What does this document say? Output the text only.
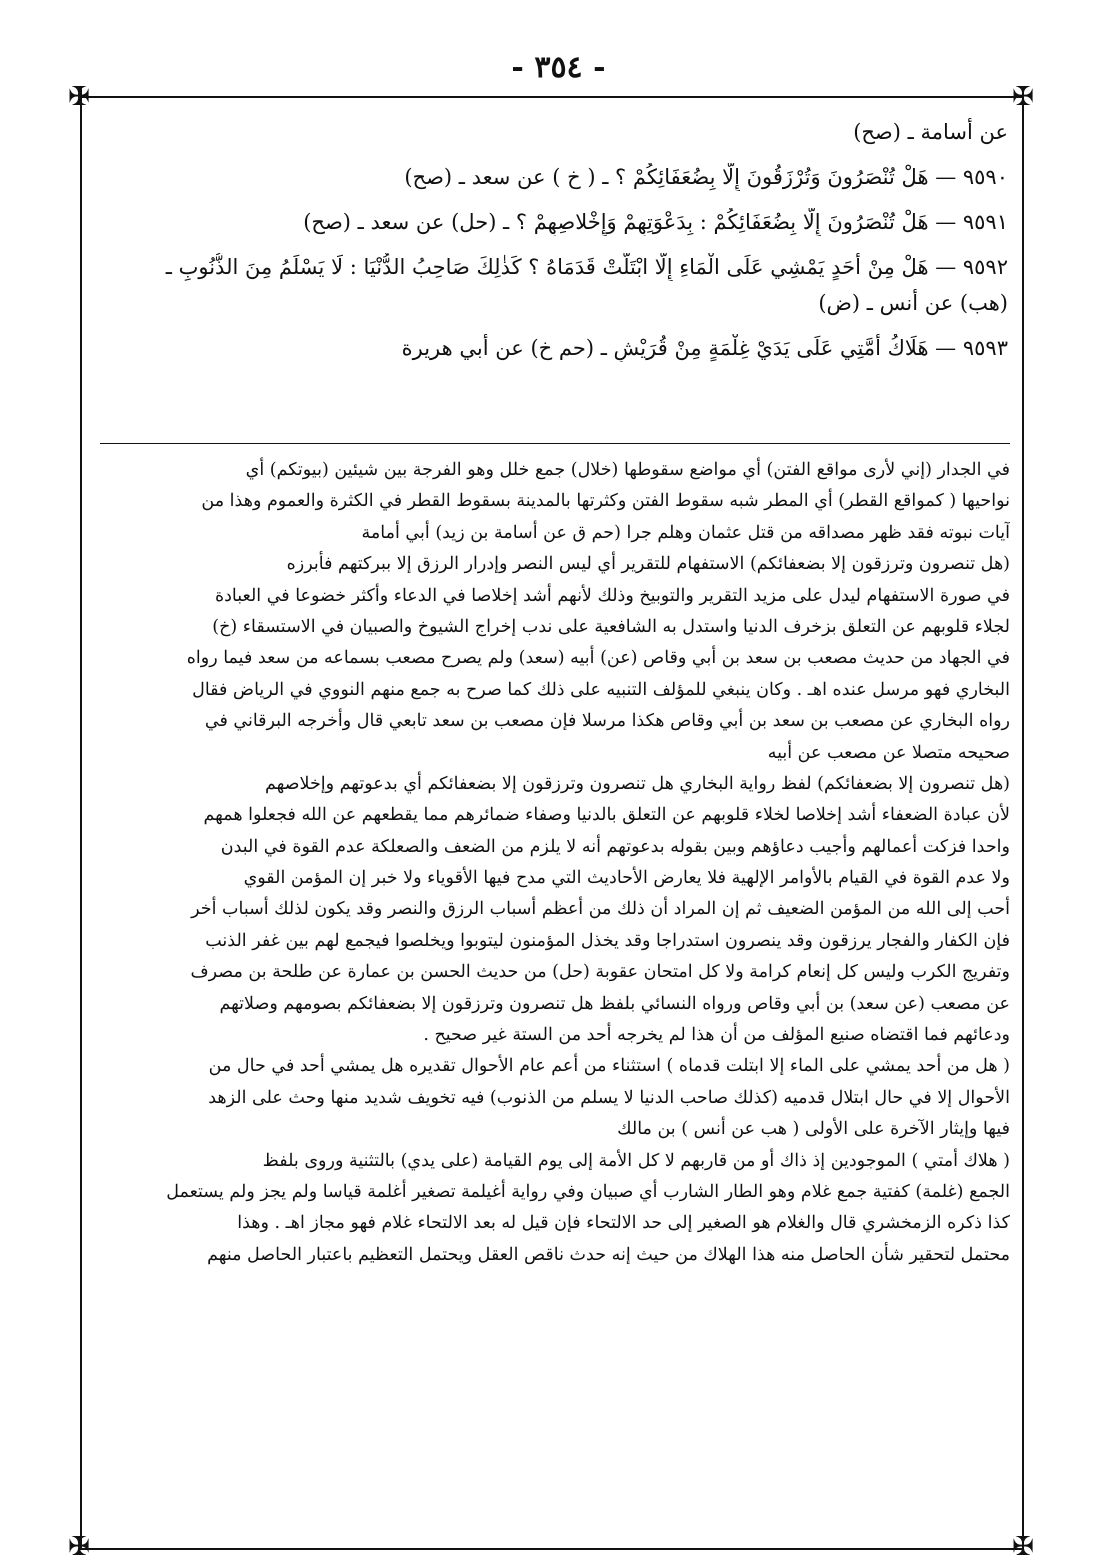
- ٣٥٤ -
✠	✠
✠	✠

عن أسامة ـ (صح)

٩٥٩٠ — هَلْ تُنْصَرُونَ وَتُرْزَقُونَ إِلَّا بِضُعَفَائِكُمْ ؟ ـ ( خ ) عن سعد ـ (صح)

٩٥٩١ — هَلْ تُنْصَرُونَ إِلَّا بِضُعَفَائِكُمْ : بِدَعْوَتِهِمْ وَإِخْلاصِهِمْ ؟ ـ (حل) عن سعد ـ (صح)

٩٥٩٢ — هَلْ مِنْ أَحَدٍ يَمْشِي عَلَى الْمَاءِ إِلَّا ابْتَلَّتْ قَدَمَاهُ ؟ كَذٰلِكَ صَاحِبُ الدُّنْيَا : لَا يَسْلَمُ مِنَ الذُّنُوبِ ـ

(هب) عن أنس ـ (ض)

٩٥٩٣ — هَلَاكُ أُمَّتِي عَلَى يَدَيْ غِلْمَةٍ مِنْ قُرَيْشٍ ـ (حم خ) عن أبي هريرة

في الجدار (إني لأرى مواقع الفتن) أي مواضع سقوطها (خلال) جمع خلل وهو الفرجة بين شيئين (بيوتكم) أي

نواحيها ( كمواقع القطر) أي المطر شبه سقوط الفتن وكثرتها بالمدينة بسقوط القطر في الكثرة والعموم وهذا من

آيات نبوته فقد ظهر مصداقه من قتل عثمان وهلم جرا (حم ق عن أسامة بن زيد) أبي أمامة

(هل تنصرون وترزقون إلا بضعفائكم) الاستفهام للتقرير أي ليس النصر وإدرار الرزق إلا ببركتهم فأبرزه

في صورة الاستفهام ليدل على مزيد التقرير والتوبيخ وذلك لأنهم أشد إخلاصا في الدعاء وأكثر خضوعا في العبادة

لجلاء قلوبهم عن التعلق بزخرف الدنيا واستدل به الشافعية على ندب إخراج الشيوخ والصبيان في الاستسقاء (خ)

في الجهاد من حديث مصعب بن سعد بن أبي وقاص (عن) أبيه (سعد) ولم يصرح مصعب بسماعه من سعد فيما رواه

البخاري فهو مرسل عنده اهـ . وكان ينبغي للمؤلف التنبيه على ذلك كما صرح به جمع منهم النووي في الرياض فقال

رواه البخاري عن مصعب بن سعد بن أبي وقاص هكذا مرسلا فإن مصعب بن سعد تابعي قال وأخرجه البرقاني في

صحيحه متصلا عن مصعب عن أبيه

(هل تنصرون إلا بضعفائكم) لفظ رواية البخاري هل تنصرون وترزقون إلا بضعفائكم أي بدعوتهم وإخلاصهم

لأن عبادة الضعفاء أشد إخلاصا لخلاء قلوبهم عن التعلق بالدنيا وصفاء ضمائرهم مما يقطعهم عن الله فجعلوا همهم

واحدا فزكت أعمالهم وأجيب دعاؤهم وبين بقوله بدعوتهم أنه لا يلزم من الضعف والصعلكة عدم القوة في البدن

ولا عدم القوة في القيام بالأوامر الإلهية فلا يعارض الأحاديث التي مدح فيها الأقوياء ولا خبر إن المؤمن القوي

أحب إلى الله من المؤمن الضعيف ثم إن المراد أن ذلك من أعظم أسباب الرزق والنصر وقد يكون لذلك أسباب أخر

فإن الكفار والفجار يرزقون وقد ينصرون استدراجا وقد يخذل المؤمنون ليتوبوا ويخلصوا فيجمع لهم بين غفر الذنب

وتفريج الكرب وليس كل إنعام كرامة ولا كل امتحان عقوبة (حل) من حديث الحسن بن عمارة عن طلحة بن مصرف

عن مصعب (عن سعد) بن أبي وقاص ورواه النسائي بلفظ هل تنصرون وترزقون إلا بضعفائكم بصومهم وصلاتهم

ودعائهم فما اقتضاه صنيع المؤلف من أن هذا لم يخرجه أحد من الستة غير صحيح .

( هل من أحد يمشي على الماء إلا ابتلت قدماه ) استثناء من أعم عام الأحوال تقديره هل يمشي أحد في حال من

الأحوال إلا في حال ابتلال قدميه (كذلك صاحب الدنيا لا يسلم من الذنوب) فيه تخويف شديد منها وحث على الزهد

فيها وإيثار الآخرة على الأولى ( هب عن أنس ) بن مالك

( هلاك أمتي ) الموجودين إذ ذاك أو من قاربهم لا كل الأمة إلى يوم القيامة (على يدي) بالتثنية وروى بلفظ

الجمع (غلمة) كفتية جمع غلام وهو الطار الشارب أي صبيان وفي رواية أغيلمة تصغير أغلمة قياسا ولم يجز ولم يستعمل

كذا ذكره الزمخشري قال والغلام هو الصغير إلى حد الالتحاء فإن قيل له بعد الالتحاء غلام فهو مجاز اهـ . وهذا

محتمل لتحقير شأن الحاصل منه هذا الهلاك من حيث إنه حدث ناقص العقل ويحتمل التعظيم باعتبار الحاصل منهم
